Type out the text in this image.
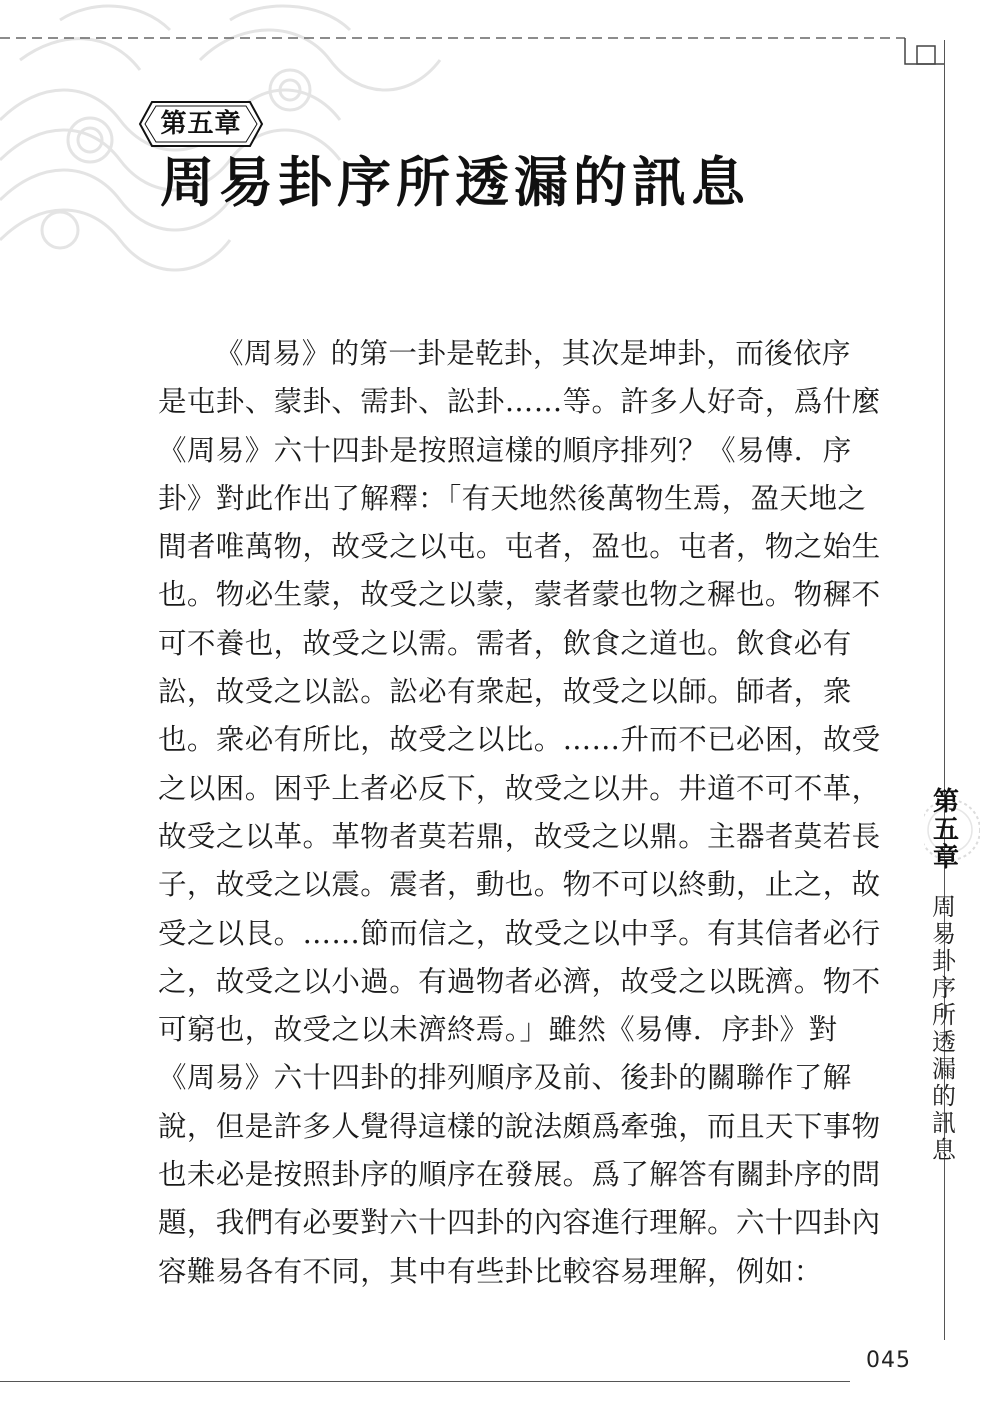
第五章
周易卦序所透漏的訊息
《周易》的第一卦是乾卦，其次是坤卦，而後依序
是屯卦、蒙卦、需卦、訟卦……等。許多人好奇，爲什麼
《周易》六十四卦是按照這樣的順序排列？《易傳．序
卦》對此作出了解釋：「有天地然後萬物生焉，盈天地之
間者唯萬物，故受之以屯。屯者，盈也。屯者，物之始生
也。物必生蒙，故受之以蒙，蒙者蒙也物之穉也。物穉不
可不養也，故受之以需。需者，飲食之道也。飲食必有
訟，故受之以訟。訟必有衆起，故受之以師。師者，衆
也。衆必有所比，故受之以比。……升而不已必困，故受
之以困。困乎上者必反下，故受之以井。井道不可不革，
故受之以革。革物者莫若鼎，故受之以鼎。主器者莫若長
子，故受之以震。震者，動也。物不可以終動，止之，故
受之以艮。……節而信之，故受之以中孚。有其信者必行
之，故受之以小過。有過物者必濟，故受之以既濟。物不
可窮也，故受之以未濟終焉。」雖然《易傳．序卦》對
《周易》六十四卦的排列順序及前、後卦的關聯作了解
說，但是許多人覺得這樣的說法頗爲牽強，而且天下事物
也未必是按照卦序的順序在發展。爲了解答有關卦序的問
題，我們有必要對六十四卦的內容進行理解。六十四卦內
容難易各有不同，其中有些卦比較容易理解，例如：
第
五
章
周
易
卦
序
所
透
漏
的
訊
息
045
